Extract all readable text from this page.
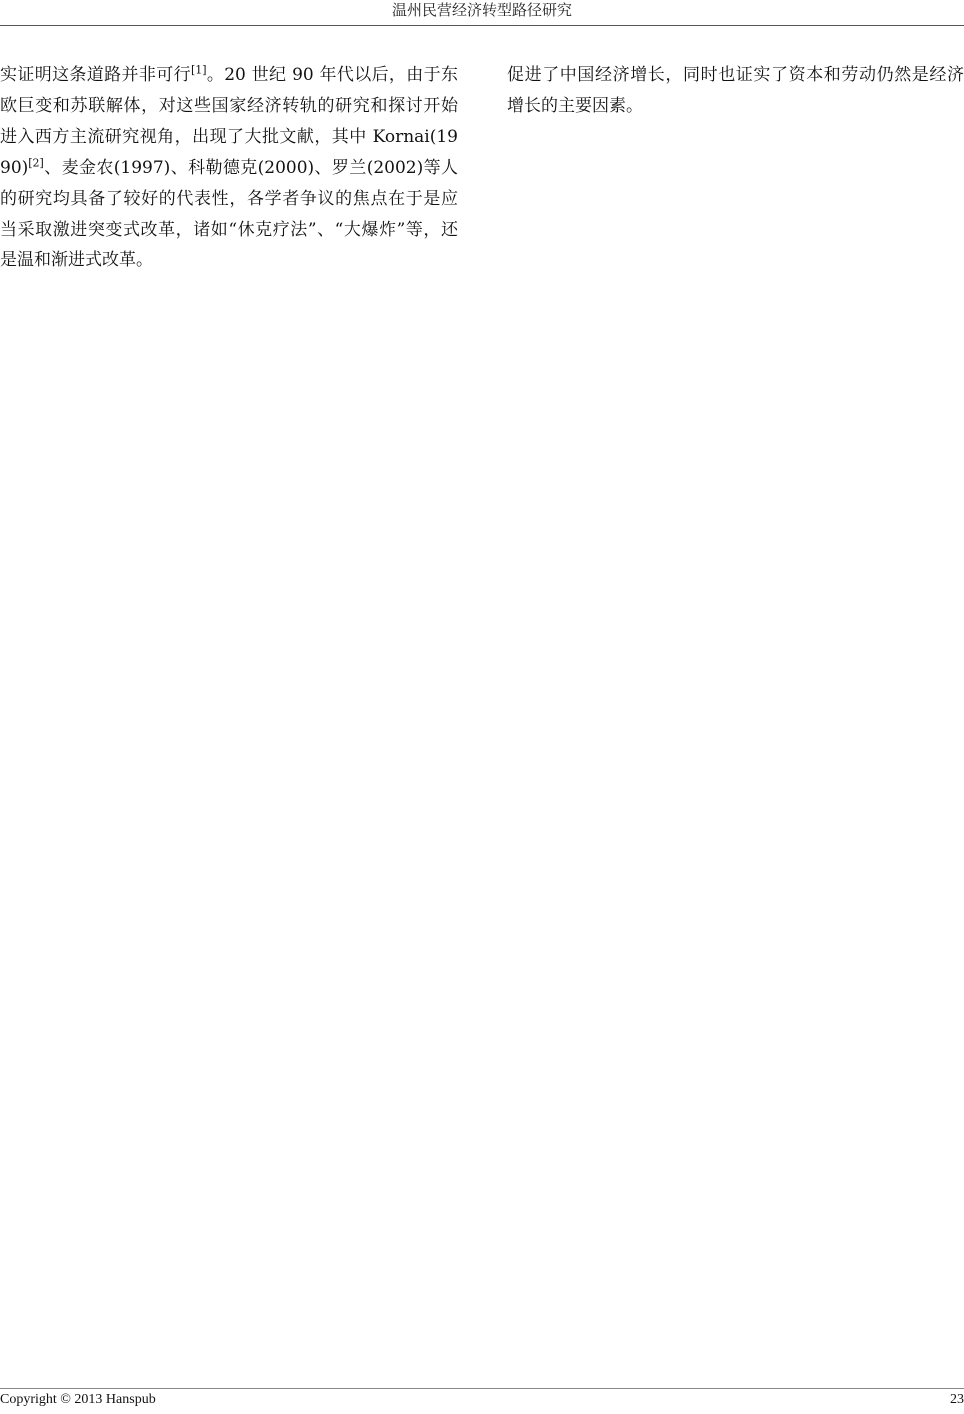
温州民营经济转型路径研究

实证明这条道路并非可行[1]。20 世纪 90 年代以后，由于东欧巨变和苏联解体，对这些国家经济转轨的研究和探讨开始进入西方主流研究视角，出现了大批文献，其中 Kornai(1990)[2]、麦金农(1997)、科勒德克(2000)、罗兰(2002)等人的研究均具备了较好的代表性，各学者争议的焦点在于是应当采取激进突变式改革，诸如“休克疗法”、“大爆炸”等，还是温和渐进式改革。

促进了中国经济增长，同时也证实了资本和劳动仍然是经济增长的主要因素。

Copyright © 2013 Hanspub	23
